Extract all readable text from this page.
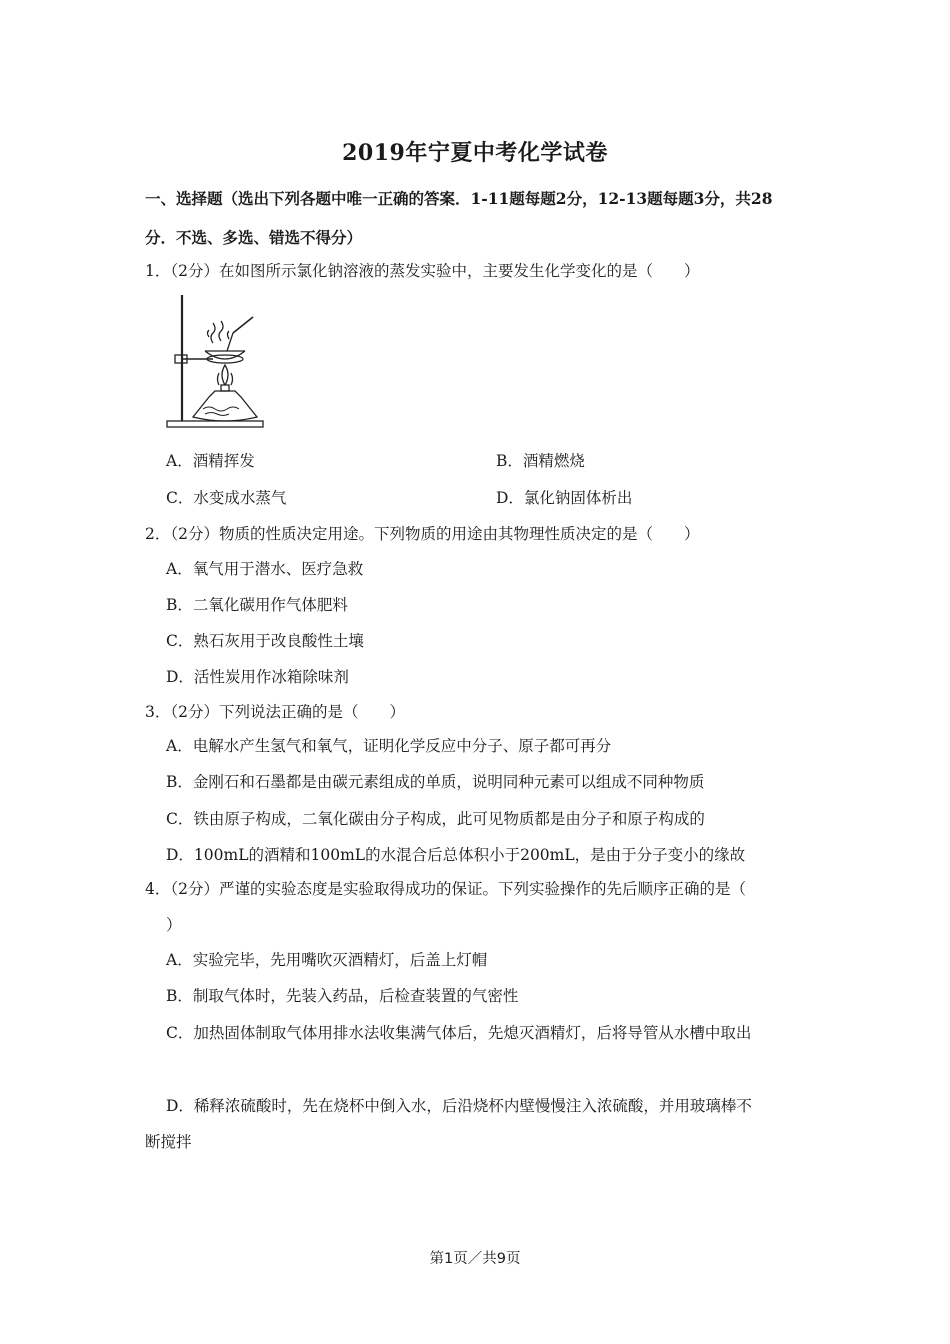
2019年宁夏中考化学试卷
一、选择题（选出下列各题中唯一正确的答案．1-11题每题2分，12-13题每题3分，共28
分．不选、多选、错选不得分）
1．（2分）在如图所示氯化钠溶液的蒸发实验中，主要发生化学变化的是（　　）
A．酒精挥发	B．酒精燃烧
C．水变成水蒸气	D．氯化钠固体析出
2．（2分）物质的性质决定用途。下列物质的用途由其物理性质决定的是（　　）
A．氧气用于潜水、医疗急救
B．二氧化碳用作气体肥料
C．熟石灰用于改良酸性土壤
D．活性炭用作冰箱除味剂
3．（2分）下列说法正确的是（　　）
A．电解水产生氢气和氧气，证明化学反应中分子、原子都可再分
B．金刚石和石墨都是由碳元素组成的单质，说明同种元素可以组成不同种物质
C．铁由原子构成，二氧化碳由分子构成，此可见物质都是由分子和原子构成的
D．100mL的酒精和100mL的水混合后总体积小于200mL，是由于分子变小的缘故
4．（2分）严谨的实验态度是实验取得成功的保证。下列实验操作的先后顺序正确的是（
）
A．实验完毕，先用嘴吹灭酒精灯，后盖上灯帽
B．制取气体时，先装入药品，后检查装置的气密性
C．加热固体制取气体用排水法收集满气体后，先熄灭酒精灯，后将导管从水槽中取出
D．稀释浓硫酸时，先在烧杯中倒入水，后沿烧杯内壁慢慢注入浓硫酸，并用玻璃棒不
断搅拌
第1页／共9页
